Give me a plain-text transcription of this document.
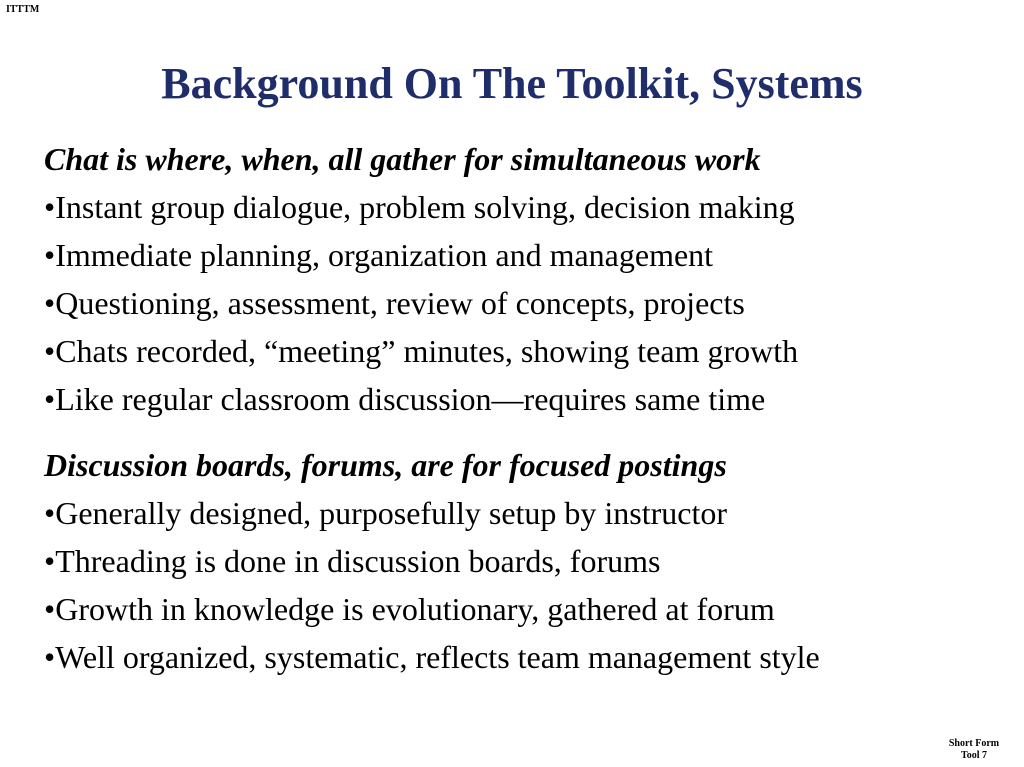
ITTTM
Background On The Toolkit, Systems
Chat is where, when, all gather for simultaneous work
•Instant group dialogue, problem solving, decision making
•Immediate planning, organization and management
•Questioning, assessment, review of concepts, projects
•Chats recorded, “meeting” minutes, showing team growth
•Like regular classroom discussion—requires same time
Discussion boards, forums, are for focused postings
•Generally designed, purposefully setup by instructor
•Threading is done in discussion boards, forums
•Growth in knowledge is evolutionary, gathered at forum
•Well organized, systematic, reflects team management style
Short Form
Tool 7
